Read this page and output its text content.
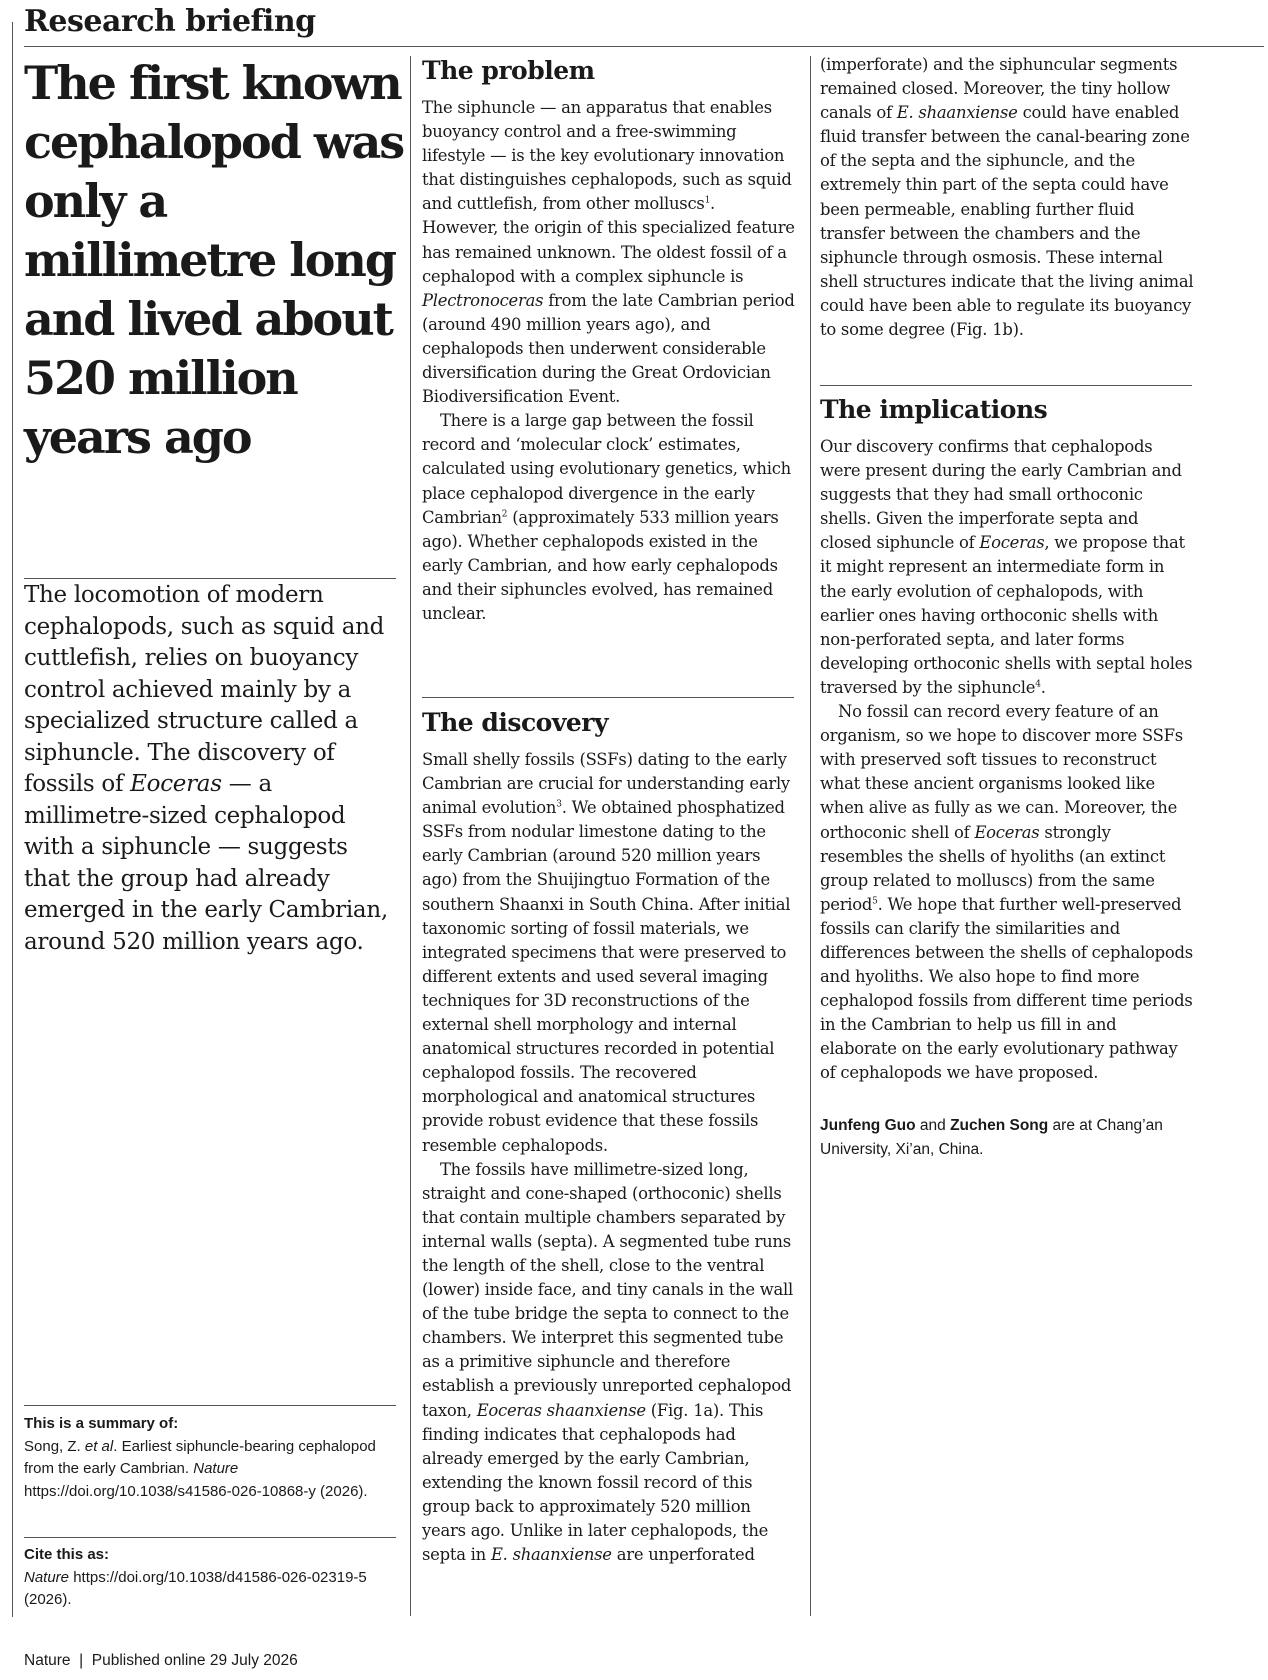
Research briefing
The first known cephalopod was only a millimetre long and lived about 520 million years ago

The locomotion of modern cephalopods, such as squid and cuttlefish, relies on buoyancy control achieved mainly by a specialized structure called a siphuncle. The discovery of fossils of Eoceras — a millimetre-sized cephalopod with a siphuncle — suggests that the group had already emerged in the early Cambrian, around 520 million years ago.

This is a summary of:
Song, Z. et al. Earliest siphuncle-bearing cephalopod from the early Cambrian. Nature https://doi.org/10.1038/s41586-026-10868-y (2026).
Cite this as:
Nature https://doi.org/10.1038/d41586-026-02319-5 (2026).
The problem

The siphuncle — an apparatus that enables buoyancy control and a free-swimming lifestyle — is the key evolutionary innovation that distinguishes cephalopods, such as squid and cuttlefish, from other molluscs$^1$. However, the origin of this specialized feature has remained unknown. The oldest fossil of a cephalopod with a complex siphuncle is Plectronoceras from the late Cambrian period (around 490 million years ago), and cephalopods then underwent considerable diversification during the Great Ordovician Biodiversification Event.

There is a large gap between the fossil record and ‘molecular clock’ estimates, calculated using evolutionary genetics, which place cephalopod divergence in the early Cambrian$^2$ (approximately 533 million years ago). Whether cephalopods existed in the early Cambrian, and how early cephalopods and their siphuncles evolved, has remained unclear.

The discovery

Small shelly fossils (SSFs) dating to the early Cambrian are crucial for understanding early animal evolution$^3$. We obtained phosphatized SSFs from nodular limestone dating to the early Cambrian (around 520 million years ago) from the Shuijingtuo Formation of the southern Shaanxi in South China. After initial taxonomic sorting of fossil materials, we integrated specimens that were preserved to different extents and used several imaging techniques for 3D reconstructions of the external shell morphology and internal anatomical structures recorded in potential cephalopod fossils. The recovered morphological and anatomical structures provide robust evidence that these fossils resemble cephalopods.

The fossils have millimetre-sized long, straight and cone-shaped (orthoconic) shells that contain multiple chambers separated by internal walls (septa). A segmented tube runs the length of the shell, close to the ventral (lower) inside face, and tiny canals in the wall of the tube bridge the septa to connect to the chambers. We interpret this segmented tube as a primitive siphuncle and therefore establish a previously unreported cephalopod taxon, Eoceras shaanxiense (Fig. 1a). This finding indicates that cephalopods had already emerged by the early Cambrian, extending the known fossil record of this group back to approximately 520 million years ago. Unlike in later cephalopods, the septa in E. shaanxiense are unperforated

(imperforate) and the siphuncular segments remained closed. Moreover, the tiny hollow canals of E. shaanxiense could have enabled fluid transfer between the canal-bearing zone of the septa and the siphuncle, and the extremely thin part of the septa could have been permeable, enabling further fluid transfer between the chambers and the siphuncle through osmosis. These internal shell structures indicate that the living animal could have been able to regulate its buoyancy to some degree (Fig. 1b).

The implications

Our discovery confirms that cephalopods were present during the early Cambrian and suggests that they had small orthoconic shells. Given the imperforate septa and closed siphuncle of Eoceras, we propose that it might represent an intermediate form in the early evolution of cephalopods, with earlier ones having orthoconic shells with non-perforated septa, and later forms developing orthoconic shells with septal holes traversed by the siphuncle$^4$.

No fossil can record every feature of an organism, so we hope to discover more SSFs with preserved soft tissues to reconstruct what these ancient organisms looked like when alive as fully as we can. Moreover, the orthoconic shell of Eoceras strongly resembles the shells of hyoliths (an extinct group related to molluscs) from the same period$^5$. We hope that further well-preserved fossils can clarify the similarities and differences between the shells of cephalopods and hyoliths. We also hope to find more cephalopod fossils from different time periods in the Cambrian to help us fill in and elaborate on the early evolutionary pathway of cephalopods we have proposed.

Junfeng Guo and Zuchen Song are at Chang’an University, Xi’an, China.
Nature  |  Published online 29 July 2026
